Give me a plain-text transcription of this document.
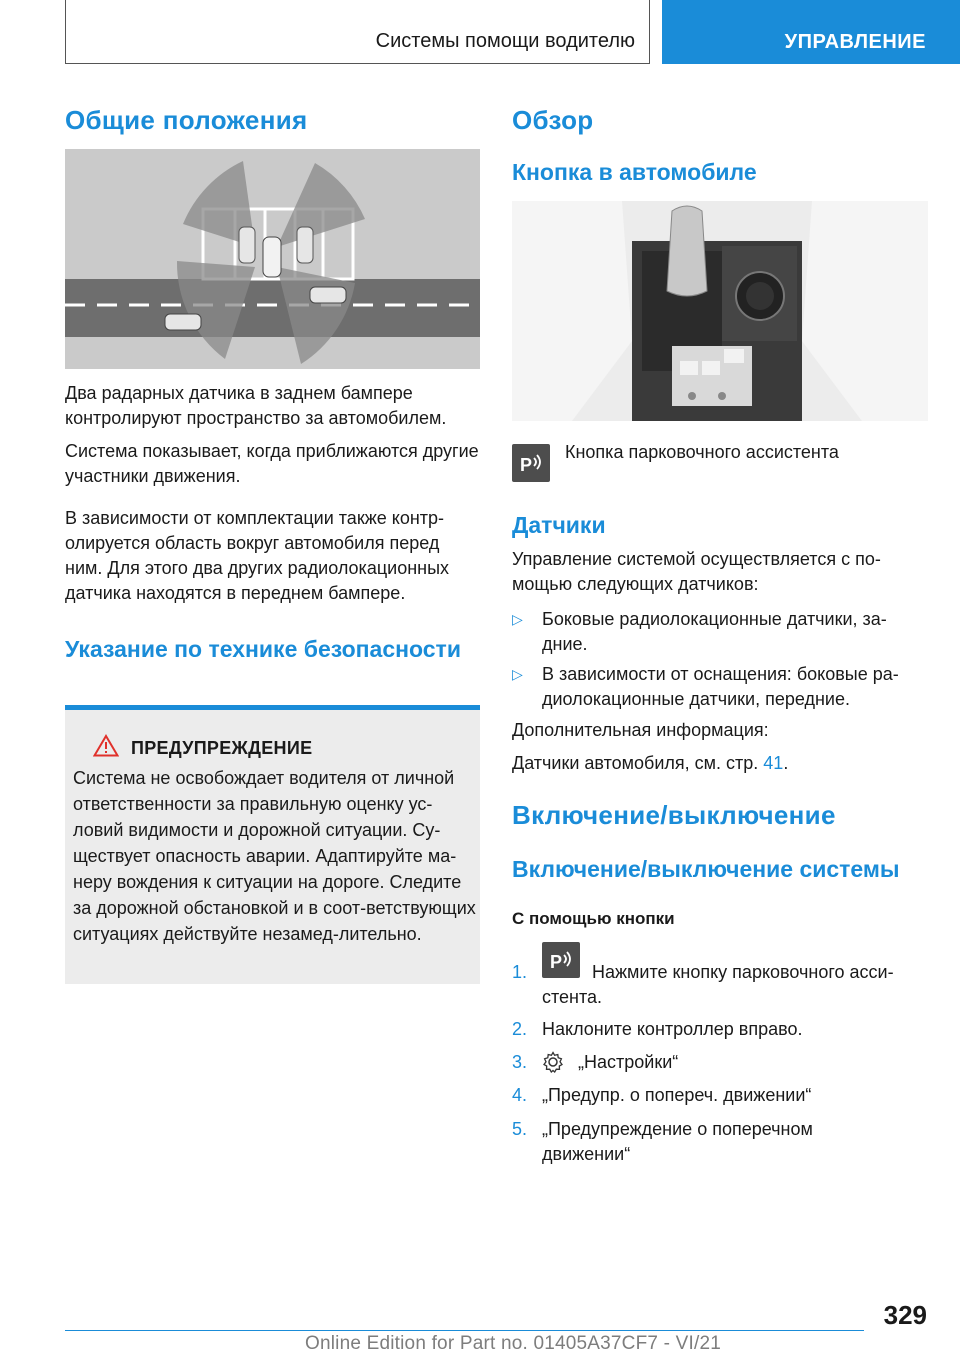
Системы помощи водителю	УПРАВЛЕНИЕ
Общие положения
Два радарных датчика в заднем бампере контролируют пространство за автомобилем.
Система показывает, когда приближаются другие участники движения.
В зависимости от комплектации также контр-олируется область вокруг автомобиля перед ним. Для этого два других радиолокационных датчика находятся в переднем бампере.
Указание по технике безопасности
ПРЕДУПРЕЖДЕНИЕ
Система не освобождает водителя от личной ответственности за правильную оценку ус-ловий видимости и дорожной ситуации. Су-ществует опасность аварии. Адаптируйте ма-неру вождения к ситуации на дороге. Следите за дорожной обстановкой и в соот-ветствующих ситуациях действуйте незамед-лительно.
Обзор
Кнопка в автомобиле
P
Кнопка парковочного ассистента
Датчики
Управление системой осуществляется с по-мощью следующих датчиков:
▷	Боковые радиолокационные датчики, за-дние.
▷	В зависимости от оснащения: боковые ра-диолокационные датчики, передние.
Дополнительная информация:
Датчики автомобиля, см. стр. 41.
Включение/выключение
Включение/выключение системы
С помощью кнопки
1. P	Нажмите кнопку парковочного асси-стента.
2. Наклоните контроллер вправо.
3.	„Настройки“
4. „Предупр. о попереч. движении“
5. „Предупреждение о поперечном движении“
329
Online Edition for Part no. 01405A37CF7 - VI/21
